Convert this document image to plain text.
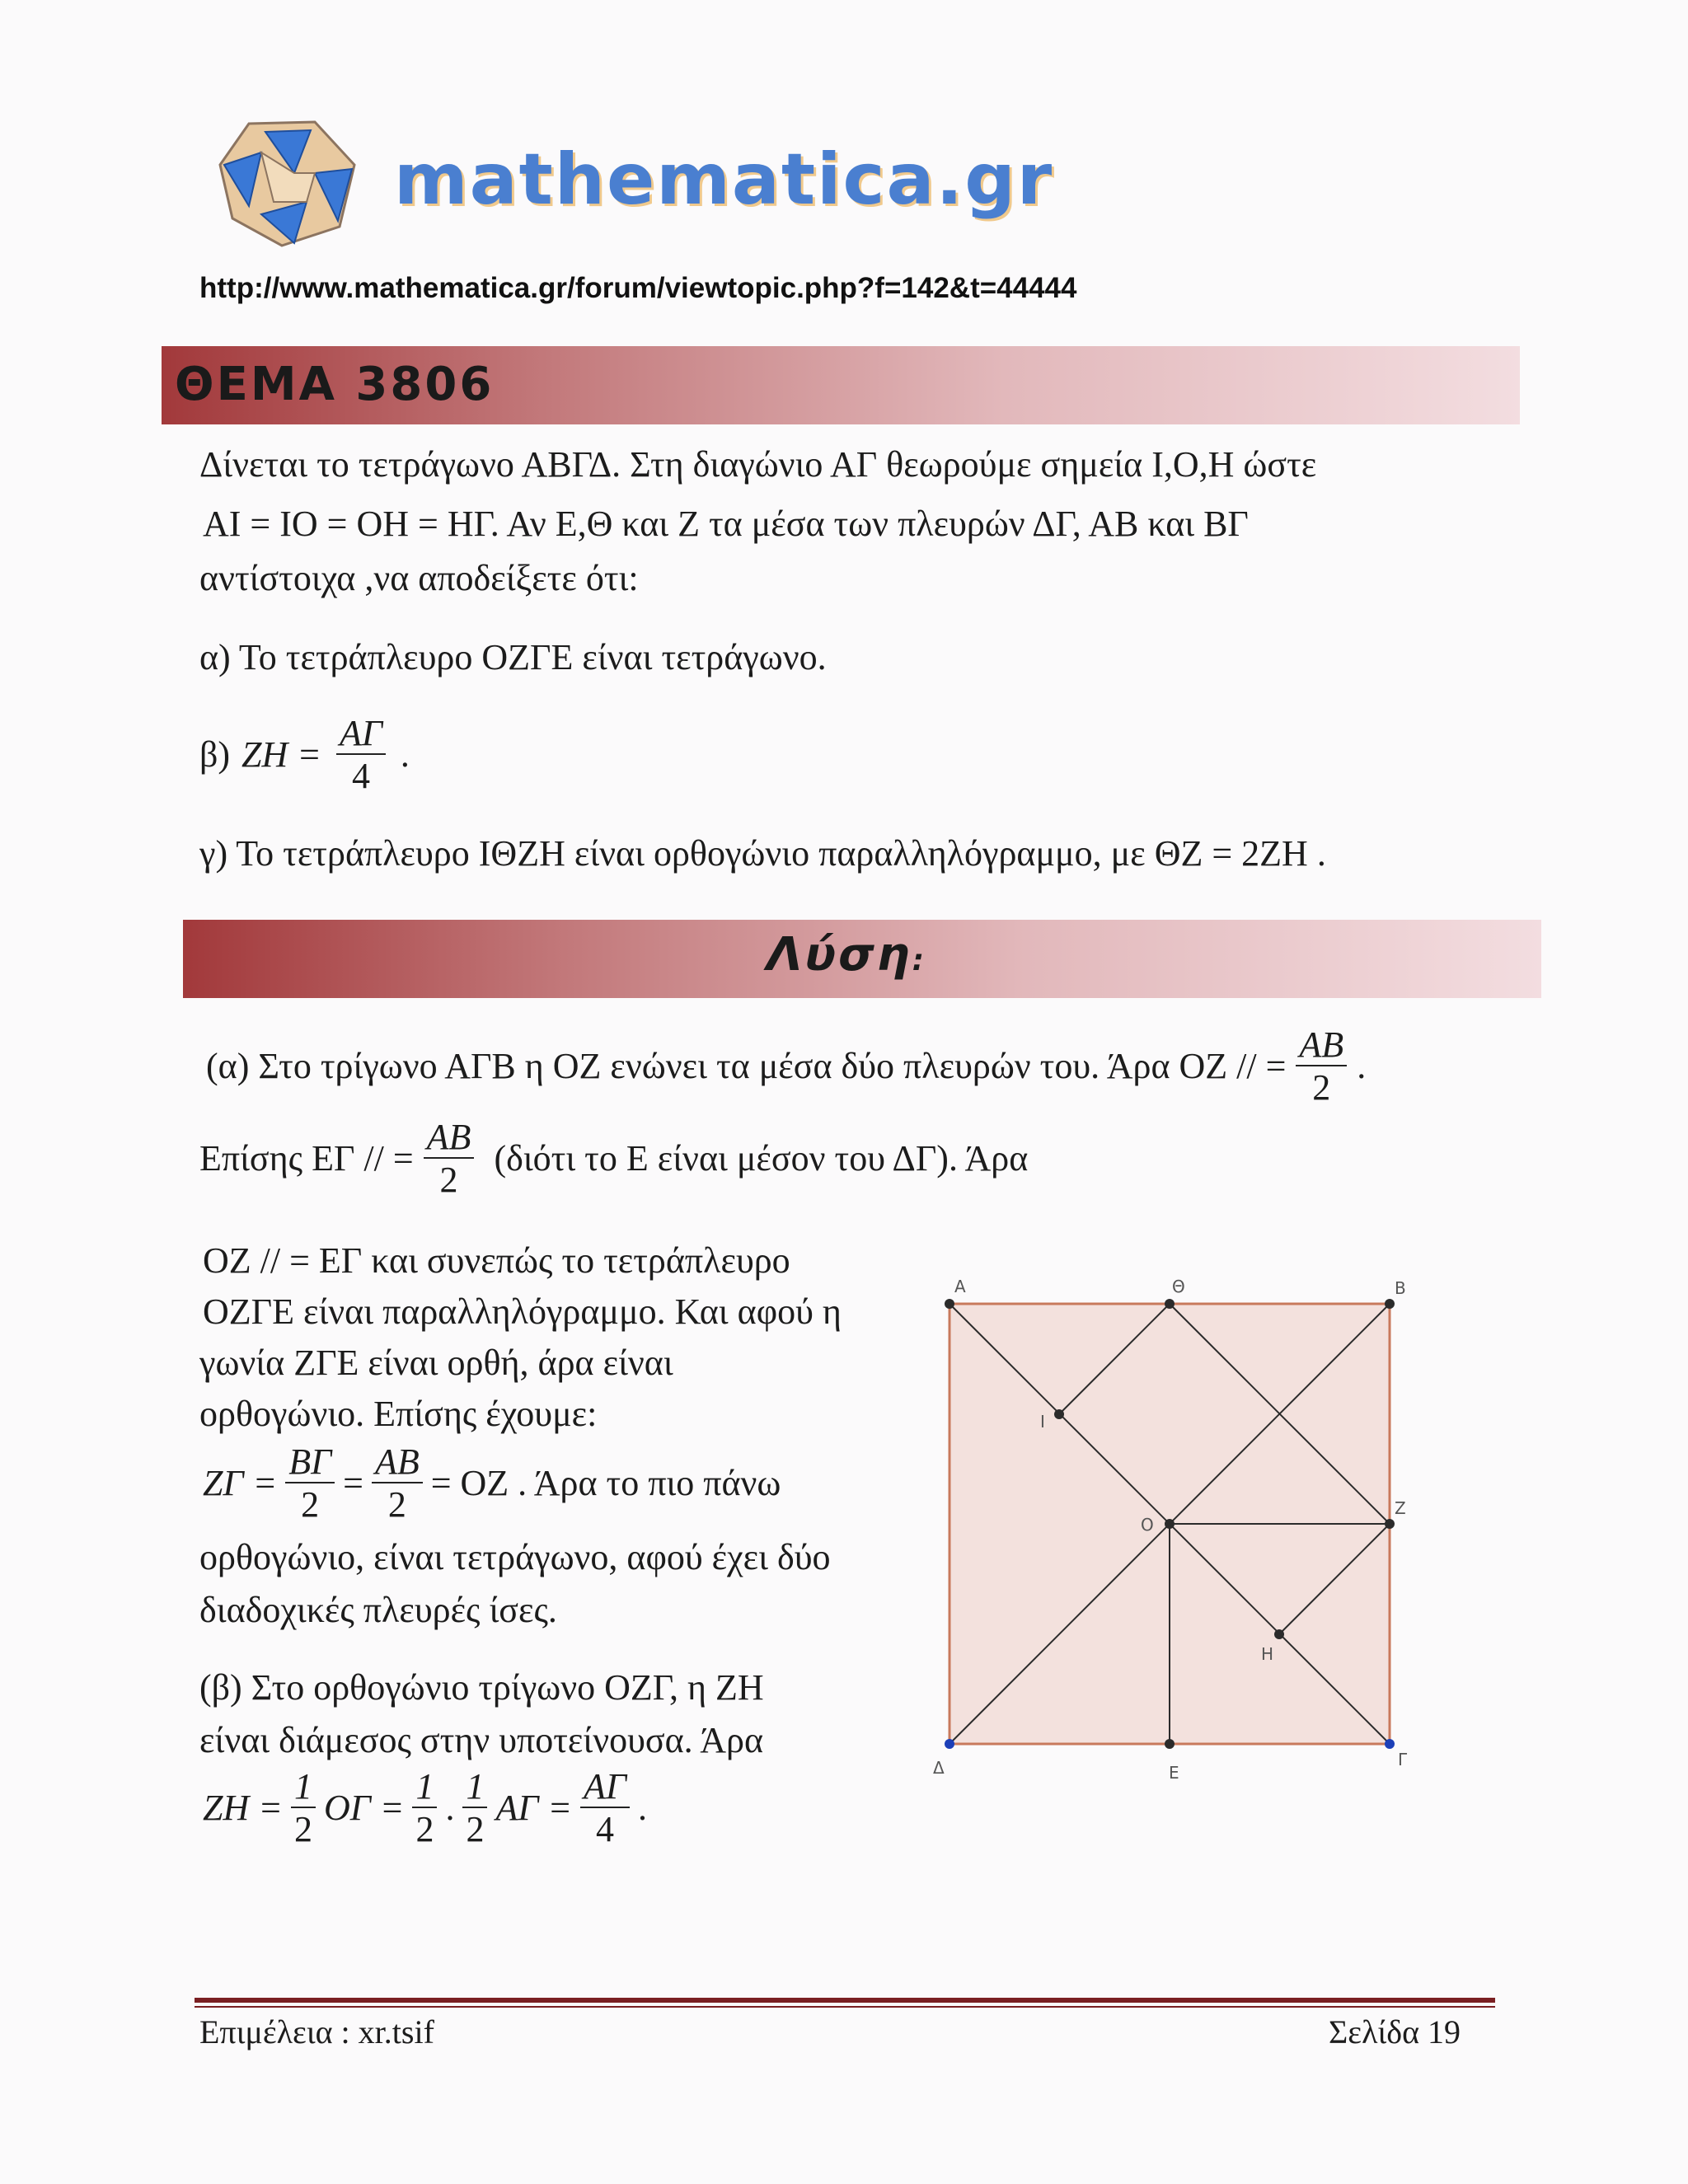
mathematica.gr
http://www.mathematica.gr/forum/viewtopic.php?f=142&t=44444
ΘΕΜΑ 3806
Δίνεται το τετράγωνο ΑΒΓΔ. Στη διαγώνιο ΑΓ θεωρούμε σημεία Ι,Ο,Η ώστε
ΑΙ = ΙΟ = ΟΗ = ΗΓ. Αν Ε,Θ και Ζ τα μέσα των πλευρών ΔΓ, ΑΒ και ΒΓ
αντίστοιχα ,να αποδείξετε ότι:
α) Το τετράπλευρο ΟΖΓΕ είναι τετράγωνο.
β) $ZH = \frac{A\Gamma}{4}$ .
γ) Το τετράπλευρο ΙΘΖΗ είναι ορθογώνιο παραλληλόγραμμο, με ΘΖ = 2ΖΗ .
Λύση:
(α) Στο τρίγωνο ΑΓΒ η ΟΖ ενώνει τα μέσα δύο πλευρών του. Άρα ΟΖ // = $\frac{AB}{2}$ .
Επίσης ΕΓ // = $\frac{AB}{2} (\delta\iota ό\tau\iota$ το Ε είναι μέσον του ΔΓ). Άρα
ΟΖ // = ΕΓ και συνεπώς το τετράπλευρο
ΟΖΓΕ είναι παραλληλόγραμμο. Και αφού η
γωνία ΖΓΕ είναι ορθή, άρα είναι
ορθογώνιο. Επίσης έχουμε:
$Z\Gamma = \frac{B\Gamma}{2} = \frac{AB}{2} = OZ$ . Άρα το πιο πάνω
ορθογώνιο, είναι τετράγωνο, αφού έχει δύο
διαδοχικές πλευρές ίσες.
(β) Στο ορθογώνιο τρίγωνο ΟΖΓ, η ΖΗ
είναι διάμεσος στην υποτείνουσα. Άρα
$ZH = \frac{1}{2}$ $O\Gamma = \frac{1}{2}$ . $\frac{1}{2}$ $A\Gamma = \frac{A\Gamma}{4}$ .
Α	Θ	Β
Ι
Ο
Ζ
Η
Δ	Ε
Γ
Επιμέλεια : xr.tsif	Σελίδα 19
